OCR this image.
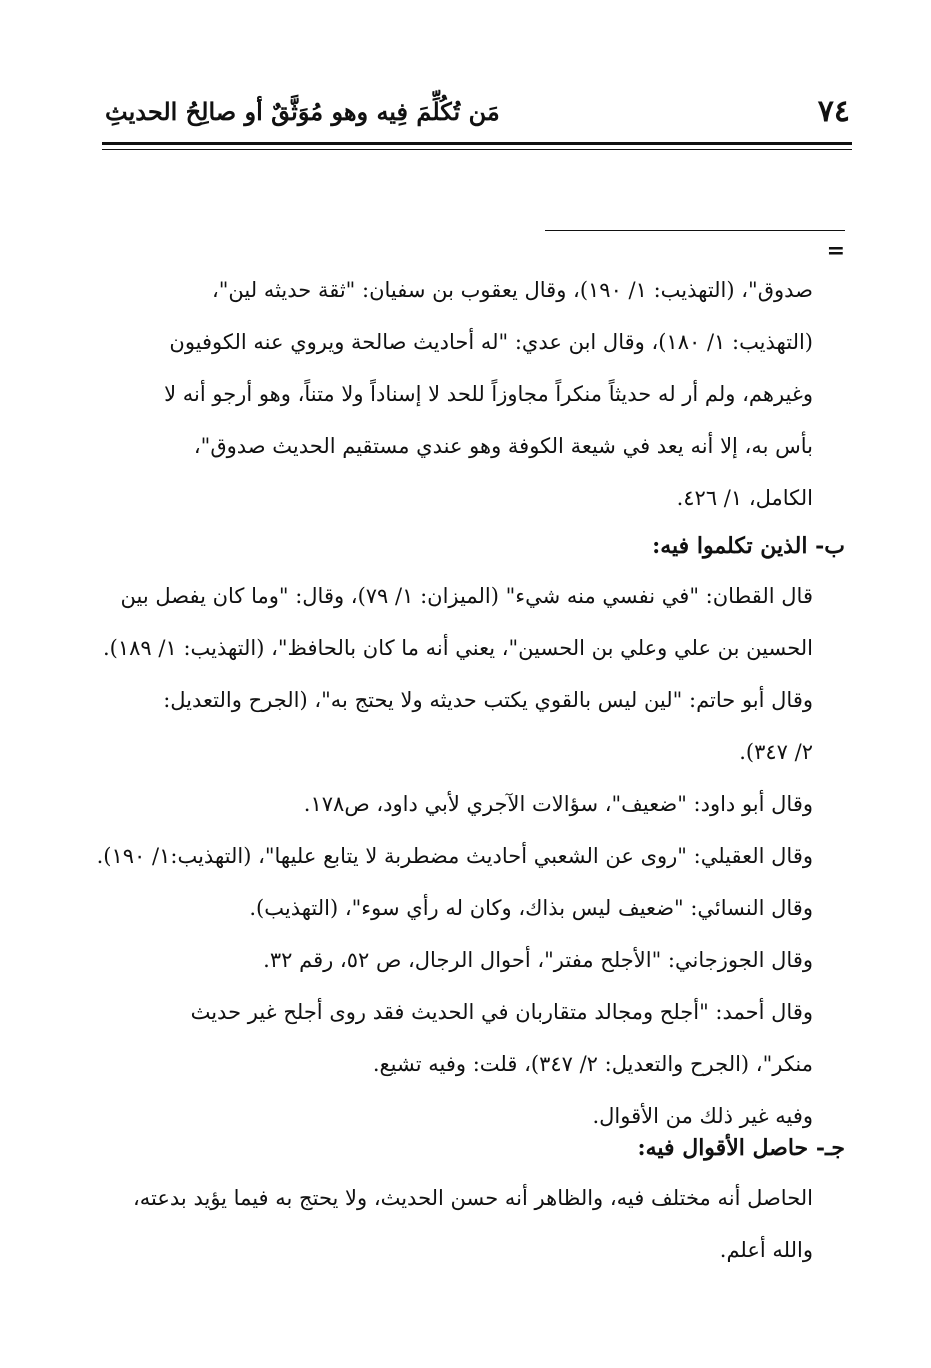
٧٤
مَن تُكُلِّمَ فِيه وهو مُوَثَّقٌ أو صالِحُ الحديثِ
=
صدوق"، (التهذيب: ١/ ١٩٠)، وقال يعقوب بن سفيان: "ثقة حديثه لين"،
(التهذيب: ١/ ١٨٠)، وقال ابن عدي: "له أحاديث صالحة ويروي عنه الكوفيون
وغيرهم، ولم أر له حديثاً منكراً مجاوزاً للحد لا إسناداً ولا متناً، وهو أرجو أنه لا
بأس به، إلا أنه يعد في شيعة الكوفة وهو عندي مستقيم الحديث صدوق"،
الكامل، ١/ ٤٢٦.
ب- الذين تكلموا فيه:
قال القطان: "في نفسي منه شيء" (الميزان: ١/ ٧٩)، وقال: "وما كان يفصل بين
الحسين بن علي وعلي بن الحسين"، يعني أنه ما كان بالحافظ"، (التهذيب: ١/ ١٨٩).
وقال أبو حاتم: "لين ليس بالقوي يكتب حديثه ولا يحتج به"، (الجرح والتعديل:
٢/ ٣٤٧).
وقال أبو داود: "ضعيف"، سؤالات الآجري لأبي داود، ص١٧٨.
وقال العقيلي: "روى عن الشعبي أحاديث مضطربة لا يتابع عليها"، (التهذيب:١/ ١٩٠).
وقال النسائي: "ضعيف ليس بذاك، وكان له رأي سوء"، (التهذيب).
وقال الجوزجاني: "الأجلح مفتر"، أحوال الرجال، ص ٥٢، رقم ٣٢.
وقال أحمد: "أجلح ومجالد متقاربان في الحديث فقد روى أجلح غير حديث
منكر"، (الجرح والتعديل: ٢/ ٣٤٧)، قلت: وفيه تشيع.
وفيه غير ذلك من الأقوال.
جـ- حاصل الأقوال فيه:
الحاصل أنه مختلف فيه، والظاهر أنه حسن الحديث، ولا يحتج به فيما يؤيد بدعته،
والله أعلم.
